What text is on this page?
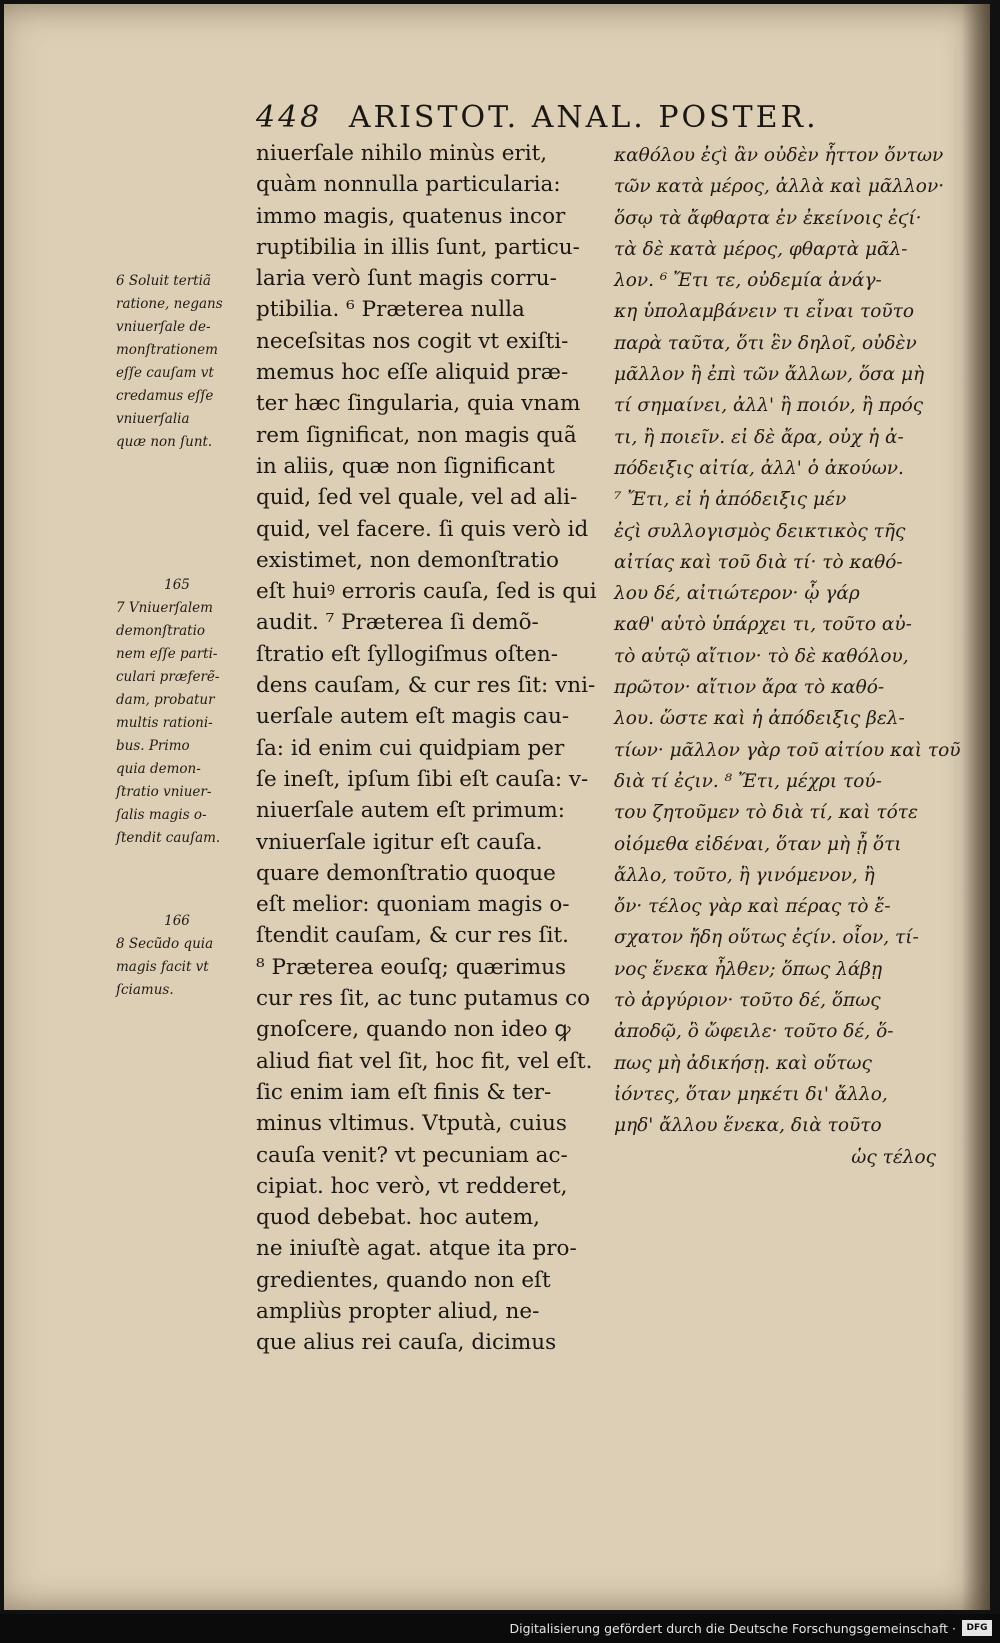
448 ARISTOT. ANAL. POSTER.
niuerſale nihilo minùs erit,
quàm nonnulla particularia:
immo magis, quatenus incor
ruptibilia in illis ſunt, particu-
laria verò ſunt magis corru-
ptibilia. ⁶ Præterea nulla
neceſsitas nos cogit vt exiſti-
memus hoc eſſe aliquid præ-
ter hæc ſingularia, quia vnam
rem ſignificat, non magis quã
in aliis, quæ non ſignificant
quid, ſed vel quale, vel ad ali-
quid, vel facere. ſi quis verò id
existimet, non demonſtratio
eſt huiꝰ erroris cauſa, ſed is qui
audit. ⁷ Præterea ſi demõ-
ſtratio eſt ſyllogiſmus oſten-
dens cauſam, & cur res ſit: vni-
uerſale autem eſt magis cau-
ſa: id enim cui quidpiam per
ſe ineſt, ipſum ſibi eſt cauſa: v-
niuerſale autem eſt primum:
vniuerſale igitur eſt cauſa.
quare demonſtratio quoque
eſt melior: quoniam magis o-
ſtendit cauſam, & cur res ſit.
⁸ Præterea eouſq; quærimus
cur res ſit, ac tunc putamus co
gnoſcere, quando non ideo ꝙ
aliud fiat vel ſit, hoc fit, vel eſt.
ſic enim iam eſt finis & ter-
minus vltimus. Vtputà, cuius
cauſa venit? vt pecuniam ac-
cipiat. hoc verò, vt redderet,
quod debebat. hoc autem,
ne iniuſtè agat. atque ita pro-
gredientes, quando non eſt
ampliùs propter aliud, ne-
que alius rei cauſa, dicimus
καθόλου ἐϛὶ ἂν οὐδὲν ἧττον ὄντων
τῶν κατὰ μέρος, ἀλλὰ καὶ μᾶλλον·
ὅσῳ τὰ ἄφθαρτα ἐν ἐκείνοις ἐϛί·
τὰ δὲ κατὰ μέρος, φθαρτὰ μᾶλ-
λον. ⁶ Ἔτι τε, οὐδεμία ἀνάγ-
κη ὑπολαμβάνειν τι εἶναι τοῦτο
παρὰ ταῦτα, ὅτι ἓν δηλοῖ, οὐδὲν
μᾶλλον ἢ ἐπὶ τῶν ἄλλων, ὅσα μὴ
τί σημαίνει, ἀλλ' ἢ ποιόν, ἢ πρός
τι, ἢ ποιεῖν. εἰ δὲ ἄρα, οὐχ ἡ ἀ-
πόδειξις αἰτία, ἀλλ' ὁ ἀκούων.
⁷ Ἔτι, εἰ ἡ ἀπόδειξις μέν
ἐϛὶ συλλογισμὸς δεικτικὸς τῆς
αἰτίας καὶ τοῦ διὰ τί· τὸ καθό-
λου δέ, αἰτιώτερον· ᾧ γάρ
καθ' αὑτὸ ὑπάρχει τι, τοῦτο αὐ-
τὸ αὑτῷ αἴτιον· τὸ δὲ καθόλου,
πρῶτον· αἴτιον ἄρα τὸ καθό-
λου. ὥστε καὶ ἡ ἀπόδειξις βελ-
τίων· μᾶλλον γὰρ τοῦ αἰτίου καὶ τοῦ
διὰ τί ἐϛιν. ⁸ Ἔτι, μέχρι τού-
του ζητοῦμεν τὸ διὰ τί, καὶ τότε
οἰόμεθα εἰδέναι, ὅταν μὴ ᾖ ὅτι
ἄλλο, τοῦτο, ἢ γινόμενον, ἢ
ὄν· τέλος γὰρ καὶ πέρας τὸ ἔ-
σχατον ἤδη οὕτως ἐϛίν. οἷον, τί-
νος ἕνεκα ἦλθεν; ὅπως λάβῃ
τὸ ἀργύριον· τοῦτο δέ, ὅπως
ἀποδῷ, ὃ ὤφειλε· τοῦτο δέ, ὅ-
πως μὴ ἀδικήσῃ. καὶ οὕτως
ἰόντες, ὅταν μηκέτι δι' ἄλλο,
μηδ' ἄλλου ἕνεκα, διὰ τοῦτο
ὡς τέλος
6 Soluit tertiã
ratione, negans
vniuerſale de-
monſtrationem
eſſe cauſam vt
credamus eſſe
vniuerſalia
quæ non ſunt.
165
7 Vniuerſalem
demonſtratio
nem eſſe parti-
culari præferẽ-
dam, probatur
multis rationi-
bus. Primo
quia demon-
ſtratio vniuer-
ſalis magis o-
ſtendit cauſam.
166
8 Secũdo quia
magis facit vt
ſciamus.
Digitalisierung gefördert durch die Deutsche Forschungsgemeinschaft ·	DFG
